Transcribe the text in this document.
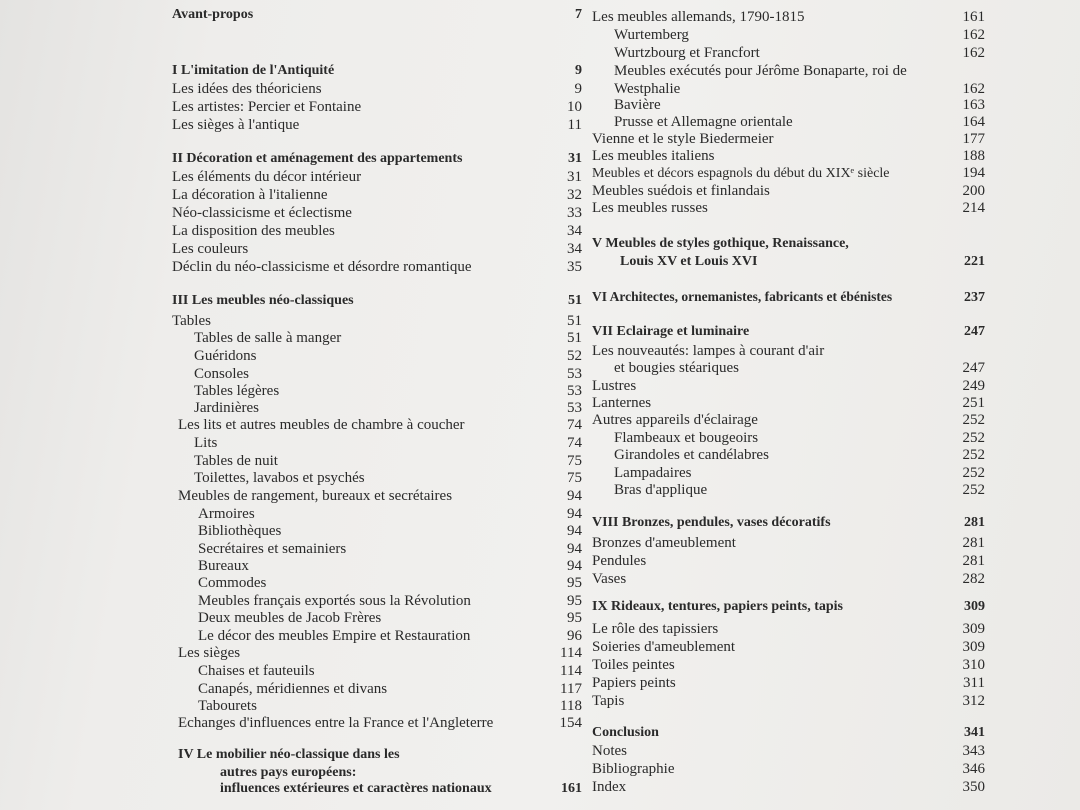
Avant-propos	7
I L'imitation de l'Antiquité	9
Les idées des théoriciens	9
Les artistes: Percier et Fontaine	10
Les sièges à l'antique	11
II Décoration et aménagement des appartements	31
Les éléments du décor intérieur	31
La décoration à l'italienne	32
Néo-classicisme et éclectisme	33
La disposition des meubles	34
Les couleurs	34
Déclin du néo-classicisme et désordre romantique	35
III Les meubles néo-classiques	51
Tables	51
Tables de salle à manger	51
Guéridons	52
Consoles	53
Tables légères	53
Jardinières	53
Les lits et autres meubles de chambre à coucher	74
Lits	74
Tables de nuit	75
Toilettes, lavabos et psychés	75
Meubles de rangement, bureaux et secrétaires	94
Armoires	94
Bibliothèques	94
Secrétaires et semainiers	94
Bureaux	94
Commodes	95
Meubles français exportés sous la Révolution	95
Deux meubles de Jacob Frères	95
Le décor des meubles Empire et Restauration	96
Les sièges	114
Chaises et fauteuils	114
Canapés, méridiennes et divans	117
Tabourets	118
Echanges d'influences entre la France et l'Angleterre	154
IV Le mobilier néo-classique dans les
autres pays européens:
influences extérieures et caractères nationaux	161
Les meubles allemands, 1790-1815	161
Wurtemberg	162
Wurtzbourg et Francfort	162
Meubles exécutés pour Jérôme Bonaparte, roi de
Westphalie	162
Bavière	163
Prusse et Allemagne orientale	164
Vienne et le style Biedermeier	177
Les meubles italiens	188
Meubles et décors espagnols du début du XIXᵉ siècle	194
Meubles suédois et finlandais	200
Les meubles russes	214
V Meubles de styles gothique, Renaissance,
Louis XV et Louis XVI	221
VI Architectes, ornemanistes, fabricants et ébénistes	237
VII Eclairage et luminaire	247
Les nouveautés: lampes à courant d'air
et bougies stéariques	247
Lustres	249
Lanternes	251
Autres appareils d'éclairage	252
Flambeaux et bougeoirs	252
Girandoles et candélabres	252
Lampadaires	252
Bras d'applique	252
VIII Bronzes, pendules, vases décoratifs	281
Bronzes d'ameublement	281
Pendules	281
Vases	282
IX Rideaux, tentures, papiers peints, tapis	309
Le rôle des tapissiers	309
Soieries d'ameublement	309
Toiles peintes	310
Papiers peints	311
Tapis	312
Conclusion	341
Notes	343
Bibliographie	346
Index	350
